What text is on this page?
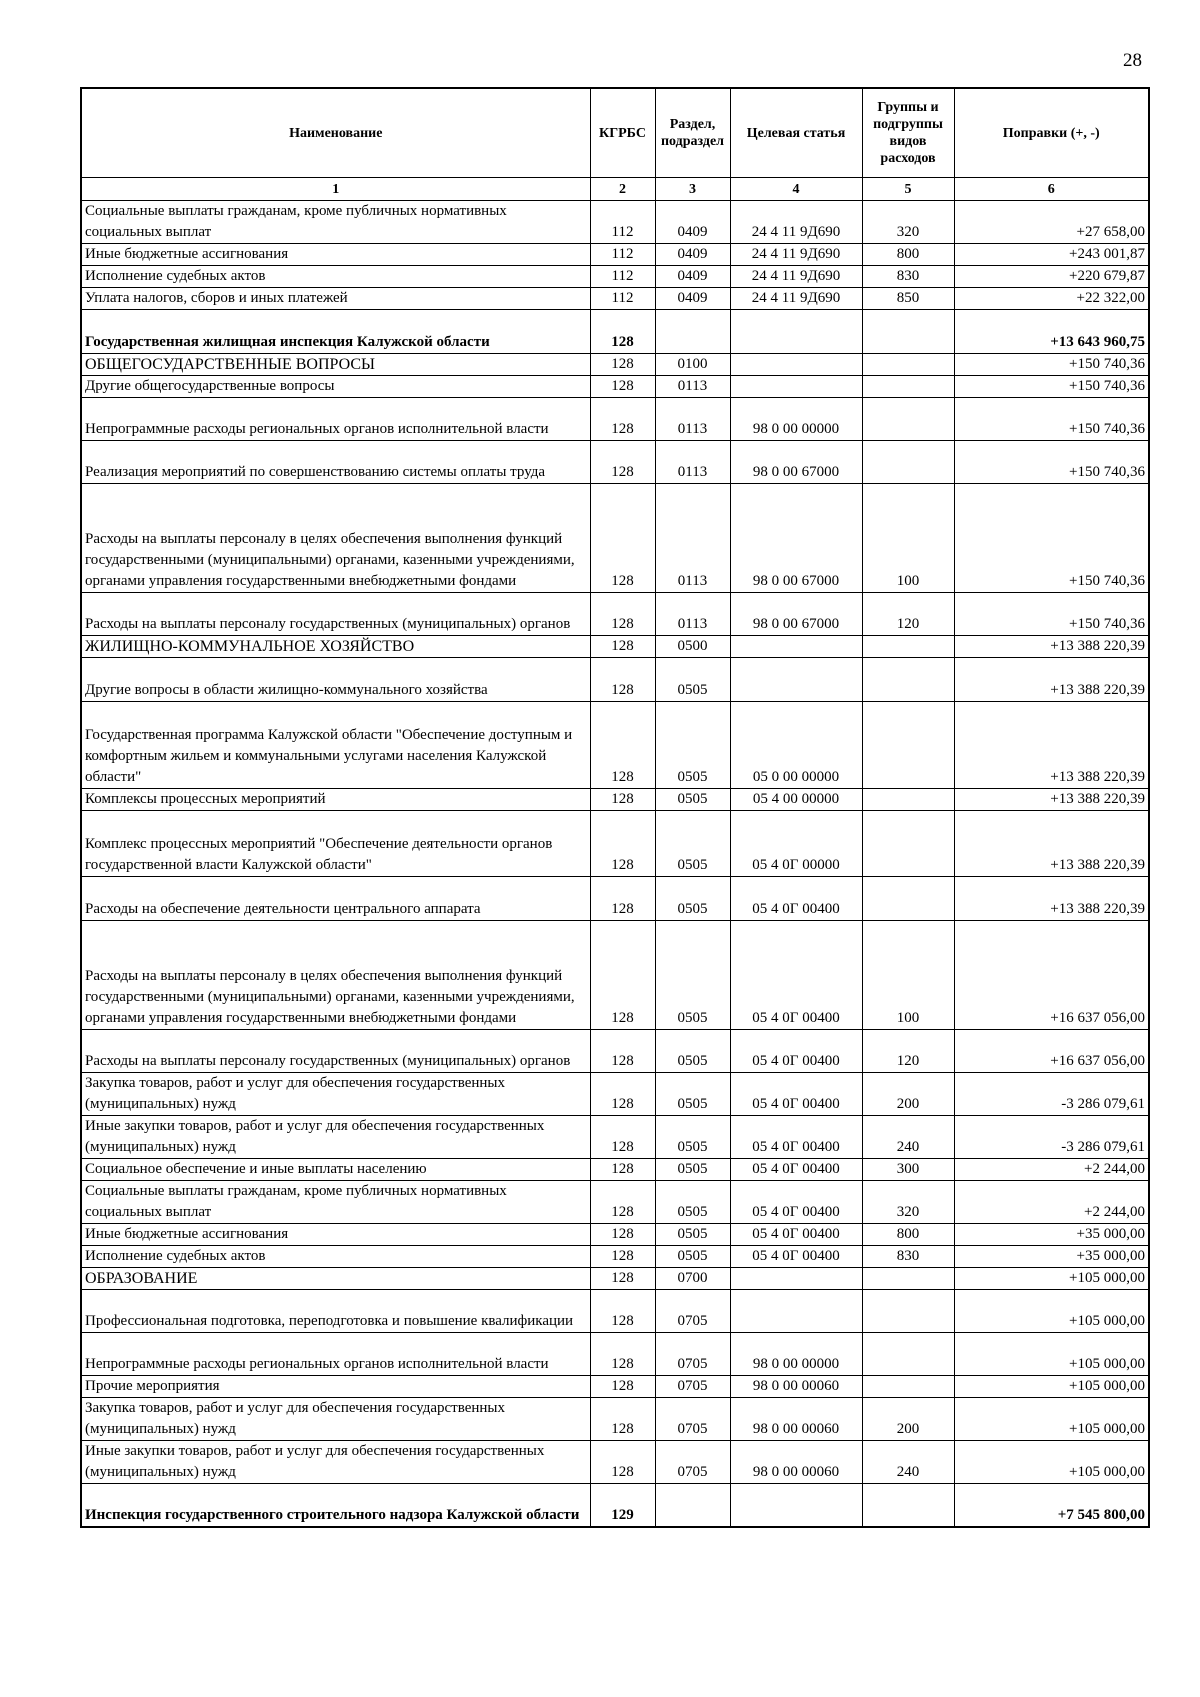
28
Наименование	КГРБС	Раздел, подраздел	Целевая статья	Группы и подгруппы видов расходов	Поправки (+, -)
1	2	3	4	5	6
Социальные выплаты гражданам, кроме публичных нормативных социальных выплат	112	0409	24 4 11 9Д690	320	+27 658,00
Иные бюджетные ассигнования	112	0409	24 4 11 9Д690	800	+243 001,87
Исполнение судебных актов	112	0409	24 4 11 9Д690	830	+220 679,87
Уплата налогов, сборов и иных платежей	112	0409	24 4 11 9Д690	850	+22 322,00
Государственная жилищная инспекция Калужской области	128				+13 643 960,75
ОБЩЕГОСУДАРСТВЕННЫЕ ВОПРОСЫ	128	0100			+150 740,36
Другие общегосударственные вопросы	128	0113			+150 740,36
Непрограммные расходы региональных органов исполнительной власти	128	0113	98 0 00 00000		+150 740,36
Реализация мероприятий по совершенствованию системы оплаты труда	128	0113	98 0 00 67000		+150 740,36
Расходы на выплаты персоналу в целях обеспечения выполнения функций государственными (муниципальными) органами, казенными учреждениями, органами управления государственными внебюджетными фондами	128	0113	98 0 00 67000	100	+150 740,36
Расходы на выплаты персоналу государственных (муниципальных) органов	128	0113	98 0 00 67000	120	+150 740,36
ЖИЛИЩНО-КОММУНАЛЬНОЕ ХОЗЯЙСТВО	128	0500			+13 388 220,39
Другие вопросы в области жилищно-коммунального хозяйства	128	0505			+13 388 220,39
Государственная программа Калужской области "Обеспечение доступным и комфортным жильем и коммунальными услугами населения Калужской области"	128	0505	05 0 00 00000		+13 388 220,39
Комплексы процессных мероприятий	128	0505	05 4 00 00000		+13 388 220,39
Комплекс процессных мероприятий "Обеспечение деятельности органов государственной власти Калужской области"	128	0505	05 4 0Г 00000		+13 388 220,39
Расходы на обеспечение деятельности центрального аппарата	128	0505	05 4 0Г 00400		+13 388 220,39
Расходы на выплаты персоналу в целях обеспечения выполнения функций государственными (муниципальными) органами, казенными учреждениями, органами управления государственными внебюджетными фондами	128	0505	05 4 0Г 00400	100	+16 637 056,00
Расходы на выплаты персоналу государственных (муниципальных) органов	128	0505	05 4 0Г 00400	120	+16 637 056,00
Закупка товаров, работ и услуг для обеспечения государственных (муниципальных) нужд	128	0505	05 4 0Г 00400	200	-3 286 079,61
Иные закупки товаров, работ и услуг для обеспечения государственных (муниципальных) нужд	128	0505	05 4 0Г 00400	240	-3 286 079,61
Социальное обеспечение и иные выплаты населению	128	0505	05 4 0Г 00400	300	+2 244,00
Социальные выплаты гражданам, кроме публичных нормативных социальных выплат	128	0505	05 4 0Г 00400	320	+2 244,00
Иные бюджетные ассигнования	128	0505	05 4 0Г 00400	800	+35 000,00
Исполнение судебных актов	128	0505	05 4 0Г 00400	830	+35 000,00
ОБРАЗОВАНИЕ	128	0700			+105 000,00
Профессиональная подготовка, переподготовка и повышение квалификации	128	0705			+105 000,00
Непрограммные расходы региональных органов исполнительной власти	128	0705	98 0 00 00000		+105 000,00
Прочие мероприятия	128	0705	98 0 00 00060		+105 000,00
Закупка товаров, работ и услуг для обеспечения государственных (муниципальных) нужд	128	0705	98 0 00 00060	200	+105 000,00
Иные закупки товаров, работ и услуг для обеспечения государственных (муниципальных) нужд	128	0705	98 0 00 00060	240	+105 000,00
Инспекция государственного строительного надзора Калужской области	129				+7 545 800,00
